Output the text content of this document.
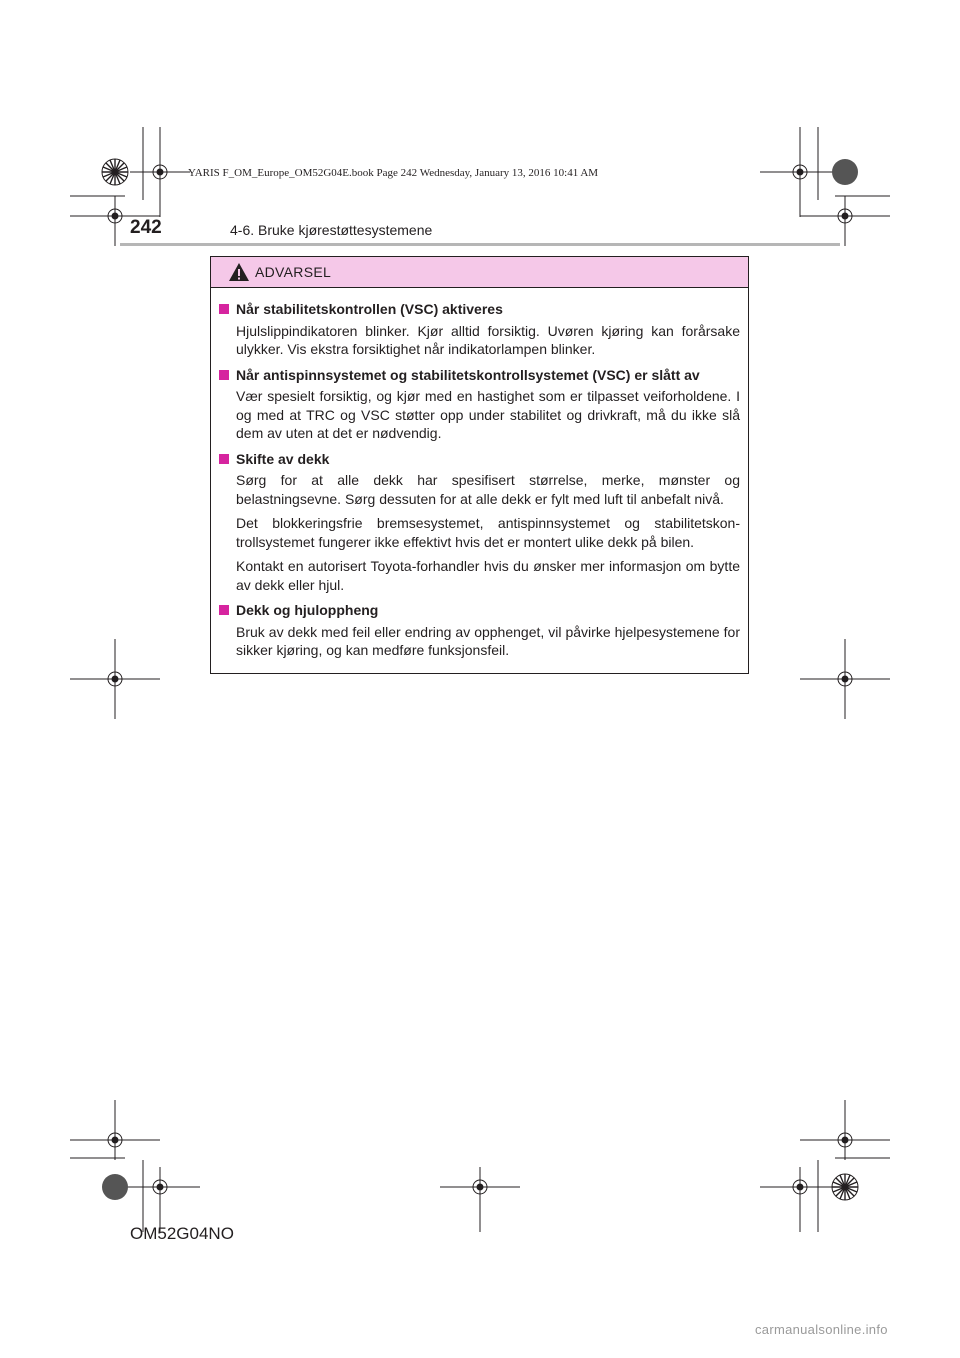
YARIS F_OM_Europe_OM52G04E.book Page 242 Wednesday, January 13, 2016 10:41 AM
242	4-6. Bruke kjørestøttesystemene
ADVARSEL
Når stabilitetskontrollen (VSC) aktiveres
Hjulslippindikatoren blinker. Kjør alltid forsiktig. Uvøren kjøring kan forårsake ulykker. Vis ekstra forsiktighet når indikatorlampen blinker.
Når antispinnsystemet og stabilitetskontrollsystemet (VSC) er slått av
Vær spesielt forsiktig, og kjør med en hastighet som er tilpasset veiforholdene. I og med at TRC og VSC støtter opp under stabilitet og drivkraft, må du ikke slå dem av uten at det er nødvendig.
Skifte av dekk
Sørg for at alle dekk har spesifisert størrelse, merke, mønster og belastningsevne. Sørg dessuten for at alle dekk er fylt med luft til anbefalt nivå.
Det blokkeringsfrie bremsesystemet, antispinnsystemet og stabilitetskon-trollsystemet fungerer ikke effektivt hvis det er montert ulike dekk på bilen.
Kontakt en autorisert Toyota-forhandler hvis du ønsker mer informasjon om bytte av dekk eller hjul.
Dekk og hjuloppheng
Bruk av dekk med feil eller endring av opphenget, vil påvirke hjelpesystemene for sikker kjøring, og kan medføre funksjonsfeil.
OM52G04NO
carmanualsonline.info
